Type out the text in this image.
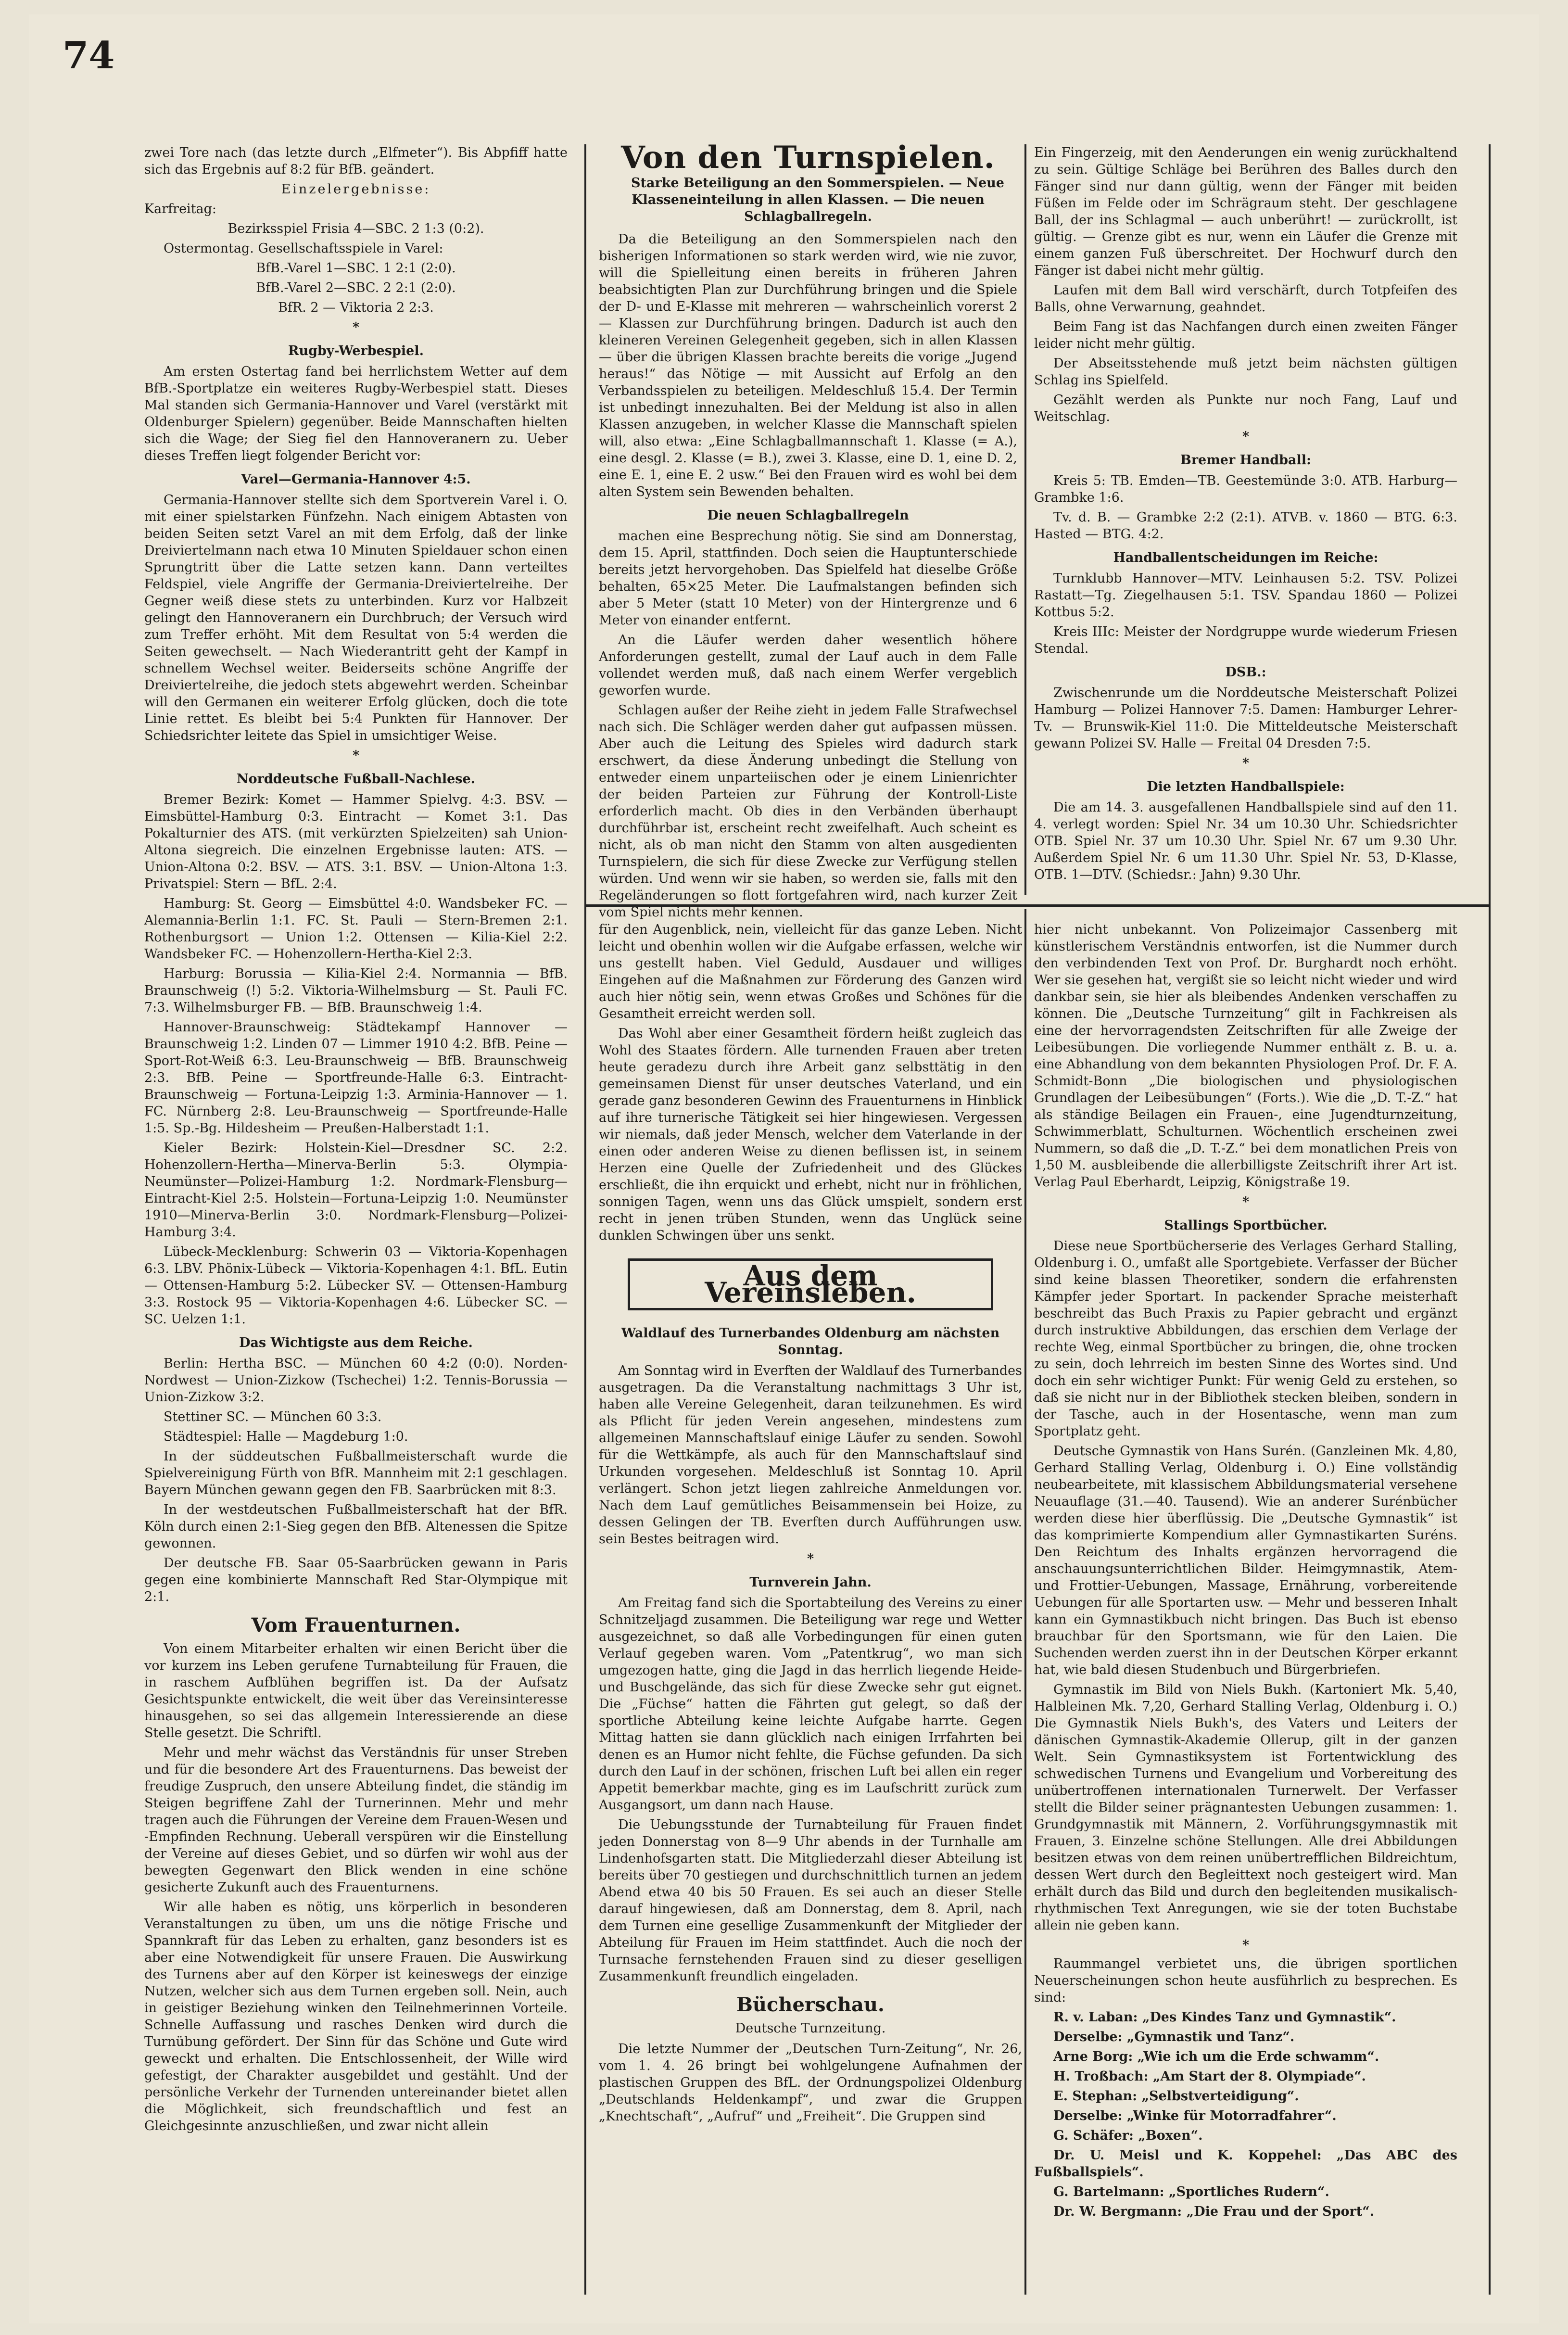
74

zwei Tore nach (das letzte durch „Elfmeter“). Bis Abpfiff hatte sich das Ergebnis auf 8:2 für BfB. geändert.

Einzelergebnisse:

Karfreitag:

Bezirksspiel Frisia 4—SBC. 2 1:3 (0:2).

Ostermontag. Gesellschaftsspiele in Varel:

BfB.-Varel 1—SBC. 1 2:1 (2:0).

BfB.-Varel 2—SBC. 2 2:1 (2:0).

BfR. 2 — Viktoria 2 2:3.

*
Rugby-Werbespiel.

Am ersten Ostertag fand bei herrlichstem Wetter auf dem BfB.-Sportplatze ein weiteres Rugby-Werbespiel statt. Dieses Mal standen sich Germania-Hannover und Varel (verstärkt mit Oldenburger Spielern) gegenüber. Beide Mannschaften hielten sich die Wage; der Sieg fiel den Hannoveranern zu. Ueber dieses Treffen liegt folgender Bericht vor:

Varel—Germania-Hannover 4:5.

Germania-Hannover stellte sich dem Sportverein Varel i. O. mit einer spielstarken Fünfzehn. Nach einigem Abtasten von beiden Seiten setzt Varel an mit dem Erfolg, daß der linke Dreiviertelmann nach etwa 10 Minuten Spieldauer schon einen Sprungtritt über die Latte setzen kann. Dann verteiltes Feldspiel, viele Angriffe der Germania-Dreiviertelreihe. Der Gegner weiß diese stets zu unterbinden. Kurz vor Halbzeit gelingt den Hannoveranern ein Durchbruch; der Versuch wird zum Treffer erhöht. Mit dem Resultat von 5:4 werden die Seiten gewechselt. — Nach Wiederantritt geht der Kampf in schnellem Wechsel weiter. Beiderseits schöne Angriffe der Dreiviertelreihe, die jedoch stets abgewehrt werden. Scheinbar will den Germanen ein weiterer Erfolg glücken, doch die tote Linie rettet. Es bleibt bei 5:4 Punkten für Hannover. Der Schiedsrichter leitete das Spiel in umsichtiger Weise.

*
Norddeutsche Fußball-Nachlese.

Bremer Bezirk: Komet — Hammer Spielvg. 4:3. BSV. — Eimsbüttel-Hamburg 0:3. Eintracht — Komet 3:1. Das Pokalturnier des ATS. (mit verkürzten Spielzeiten) sah Union-Altona siegreich. Die einzelnen Ergebnisse lauten: ATS. — Union-Altona 0:2. BSV. — ATS. 3:1. BSV. — Union-Altona 1:3. Privatspiel: Stern — BfL. 2:4.

Hamburg: St. Georg — Eimsbüttel 4:0. Wandsbeker FC. — Alemannia-Berlin 1:1. FC. St. Pauli — Stern-Bremen 2:1. Rothenburgsort — Union 1:2. Ottensen — Kilia-Kiel 2:2. Wandsbeker FC. — Hohenzollern-Hertha-Kiel 2:3.

Harburg: Borussia — Kilia-Kiel 2:4. Normannia — BfB. Braunschweig (!) 5:2. Viktoria-Wilhelmsburg — St. Pauli FC. 7:3. Wilhelmsburger FB. — BfB. Braunschweig 1:4.

Hannover-Braunschweig: Städtekampf Hannover — Braunschweig 1:2. Linden 07 — Limmer 1910 4:2. BfB. Peine — Sport-Rot-Weiß 6:3. Leu-Braunschweig — BfB. Braunschweig 2:3. BfB. Peine — Sportfreunde-Halle 6:3. Eintracht-Braunschweig — Fortuna-Leipzig 1:3. Arminia-Hannover — 1. FC. Nürnberg 2:8. Leu-Braunschweig — Sportfreunde-Halle 1:5. Sp.-Bg. Hildesheim — Preußen-Halberstadt 1:1.

Kieler Bezirk: Holstein-Kiel—Dresdner SC. 2:2. Hohenzollern-Hertha—Minerva-Berlin 5:3. Olympia-Neumünster—Polizei-Hamburg 1:2. Nordmark-Flensburg—Eintracht-Kiel 2:5. Holstein—Fortuna-Leipzig 1:0. Neumünster 1910—Minerva-Berlin 3:0. Nordmark-Flensburg—Polizei-Hamburg 3:4.

Lübeck-Mecklenburg: Schwerin 03 — Viktoria-Kopenhagen 6:3. LBV. Phönix-Lübeck — Viktoria-Kopenhagen 4:1. BfL. Eutin — Ottensen-Hamburg 5:2. Lübecker SV. — Ottensen-Hamburg 3:3. Rostock 95 — Viktoria-Kopenhagen 4:6. Lübecker SC. — SC. Uelzen 1:1.

Das Wichtigste aus dem Reiche.

Berlin: Hertha BSC. — München 60 4:2 (0:0). Norden-Nordwest — Union-Zizkow (Tschechei) 1:2. Tennis-Borussia — Union-Zizkow 3:2.

Stettiner SC. — München 60 3:3.

Städtespiel: Halle — Magdeburg 1:0.

In der süddeutschen Fußballmeisterschaft wurde die Spielvereinigung Fürth von BfR. Mannheim mit 2:1 geschlagen. Bayern München gewann gegen den FB. Saarbrücken mit 8:3.

In der westdeutschen Fußballmeisterschaft hat der BfR. Köln durch einen 2:1-Sieg gegen den BfB. Altenessen die Spitze gewonnen.

Der deutsche FB. Saar 05-Saarbrücken gewann in Paris gegen eine kombinierte Mannschaft Red Star-Olympique mit 2:1.

Vom Frauenturnen.

Von einem Mitarbeiter erhalten wir einen Bericht über die vor kurzem ins Leben gerufene Turnabteilung für Frauen, die in raschem Aufblühen begriffen ist. Da der Aufsatz Gesichtspunkte entwickelt, die weit über das Vereinsinteresse hinausgehen, so sei das allgemein Interessierende an diese Stelle gesetzt. Die Schriftl.

Mehr und mehr wächst das Verständnis für unser Streben und für die besondere Art des Frauenturnens. Das beweist der freudige Zuspruch, den unsere Abteilung findet, die ständig im Steigen begriffene Zahl der Turnerinnen. Mehr und mehr tragen auch die Führungen der Vereine dem Frauen-Wesen und -Empfinden Rechnung. Ueberall verspüren wir die Einstellung der Vereine auf dieses Gebiet, und so dürfen wir wohl aus der bewegten Gegenwart den Blick wenden in eine schöne gesicherte Zukunft auch des Frauenturnens.

Wir alle haben es nötig, uns körperlich in besonderen Veranstaltungen zu üben, um uns die nötige Frische und Spannkraft für das Leben zu erhalten, ganz besonders ist es aber eine Notwendigkeit für unsere Frauen. Die Auswirkung des Turnens aber auf den Körper ist keineswegs der einzige Nutzen, welcher sich aus dem Turnen ergeben soll. Nein, auch in geistiger Beziehung winken den Teilnehmerinnen Vorteile. Schnelle Auffassung und rasches Denken wird durch die Turnübung gefördert. Der Sinn für das Schöne und Gute wird geweckt und erhalten. Die Entschlossenheit, der Wille wird gefestigt, der Charakter ausgebildet und gestählt. Und der persönliche Verkehr der Turnenden untereinander bietet allen die Möglichkeit, sich freundschaftlich und fest an Gleichgesinnte anzuschließen, und zwar nicht allein

Von den Turnspielen.

Starke Beteiligung an den Sommerspielen. — Neue Klasseneinteilung in allen Klassen. — Die neuen Schlagballregeln.

Da die Beteiligung an den Sommerspielen nach den bisherigen Informationen so stark werden wird, wie nie zuvor, will die Spielleitung einen bereits in früheren Jahren beabsichtigten Plan zur Durchführung bringen und die Spiele der D- und E-Klasse mit mehreren — wahrscheinlich vorerst 2 — Klassen zur Durchführung bringen. Dadurch ist auch den kleineren Vereinen Gelegenheit gegeben, sich in allen Klassen — über die übrigen Klassen brachte bereits die vorige „Jugend heraus!“ das Nötige — mit Aussicht auf Erfolg an den Verbandsspielen zu beteiligen. Meldeschluß 15.4. Der Termin ist unbedingt innezuhalten. Bei der Meldung ist also in allen Klassen anzugeben, in welcher Klasse die Mannschaft spielen will, also etwa: „Eine Schlagballmannschaft 1. Klasse (= A.), eine desgl. 2. Klasse (= B.), zwei 3. Klasse, eine D. 1, eine D. 2, eine E. 1, eine E. 2 usw.“ Bei den Frauen wird es wohl bei dem alten System sein Bewenden behalten.

Die neuen Schlagballregeln

machen eine Besprechung nötig. Sie sind am Donnerstag, dem 15. April, stattfinden. Doch seien die Hauptunterschiede bereits jetzt hervorgehoben. Das Spielfeld hat dieselbe Größe behalten, 65×25 Meter. Die Laufmalstangen befinden sich aber 5 Meter (statt 10 Meter) von der Hintergrenze und 6 Meter von einander entfernt.

An die Läufer werden daher wesentlich höhere Anforderungen gestellt, zumal der Lauf auch in dem Falle vollendet werden muß, daß nach einem Werfer vergeblich geworfen wurde.

Schlagen außer der Reihe zieht in jedem Falle Strafwechsel nach sich. Die Schläger werden daher gut aufpassen müssen. Aber auch die Leitung des Spieles wird dadurch stark erschwert, da diese Änderung unbedingt die Stellung von entweder einem unparteiischen oder je einem Linienrichter der beiden Parteien zur Führung der Kontroll-Liste erforderlich macht. Ob dies in den Verbänden überhaupt durchführbar ist, erscheint recht zweifelhaft. Auch scheint es nicht, als ob man nicht den Stamm von alten ausgedienten Turnspielern, die sich für diese Zwecke zur Verfügung stellen würden. Und wenn wir sie haben, so werden sie, falls mit den Regeländerungen so flott fortgefahren wird, nach kurzer Zeit vom Spiel nichts mehr kennen.

Ein Fingerzeig, mit den Aenderungen ein wenig zurückhaltend zu sein. Gültige Schläge bei Berühren des Balles durch den Fänger sind nur dann gültig, wenn der Fänger mit beiden Füßen im Felde oder im Schrägraum steht. Der geschlagene Ball, der ins Schlagmal — auch unberührt! — zurückrollt, ist gültig. — Grenze gibt es nur, wenn ein Läufer die Grenze mit einem ganzen Fuß überschreitet. Der Hochwurf durch den Fänger ist dabei nicht mehr gültig.

Laufen mit dem Ball wird verschärft, durch Totpfeifen des Balls, ohne Verwarnung, geahndet.

Beim Fang ist das Nachfangen durch einen zweiten Fänger leider nicht mehr gültig.

Der Abseitsstehende muß jetzt beim nächsten gültigen Schlag ins Spielfeld.

Gezählt werden als Punkte nur noch Fang, Lauf und Weitschlag.

*
Bremer Handball:

Kreis 5: TB. Emden—TB. Geestemünde 3:0. ATB. Harburg—Grambke 1:6.

Tv. d. B. — Grambke 2:2 (2:1). ATVB. v. 1860 — BTG. 6:3. Hasted — BTG. 4:2.

Handballentscheidungen im Reiche:

Turnklubb Hannover—MTV. Leinhausen 5:2. TSV. Polizei Rastatt—Tg. Ziegelhausen 5:1. TSV. Spandau 1860 — Polizei Kottbus 5:2.

Kreis IIIc: Meister der Nordgruppe wurde wiederum Friesen Stendal.

DSB.:

Zwischenrunde um die Norddeutsche Meisterschaft Polizei Hamburg — Polizei Hannover 7:5. Damen: Hamburger Lehrer-Tv. — Brunswik-Kiel 11:0. Die Mitteldeutsche Meisterschaft gewann Polizei SV. Halle — Freital 04 Dresden 7:5.

*
Die letzten Handballspiele:

Die am 14. 3. ausgefallenen Handballspiele sind auf den 11. 4. verlegt worden: Spiel Nr. 34 um 10.30 Uhr. Schiedsrichter OTB. Spiel Nr. 37 um 10.30 Uhr. Spiel Nr. 67 um 9.30 Uhr. Außerdem Spiel Nr. 6 um 11.30 Uhr. Spiel Nr. 53, D-Klasse, OTB. 1—DTV. (Schiedsr.: Jahn) 9.30 Uhr.

für den Augenblick, nein, vielleicht für das ganze Leben. Nicht leicht und obenhin wollen wir die Aufgabe erfassen, welche wir uns gestellt haben. Viel Geduld, Ausdauer und williges Eingehen auf die Maßnahmen zur Förderung des Ganzen wird auch hier nötig sein, wenn etwas Großes und Schönes für die Gesamtheit erreicht werden soll.

Das Wohl aber einer Gesamtheit fördern heißt zugleich das Wohl des Staates fördern. Alle turnenden Frauen aber treten heute geradezu durch ihre Arbeit ganz selbsttätig in den gemeinsamen Dienst für unser deutsches Vaterland, und ein gerade ganz besonderen Gewinn des Frauenturnens in Hinblick auf ihre turnerische Tätigkeit sei hier hingewiesen. Vergessen wir niemals, daß jeder Mensch, welcher dem Vaterlande in der einen oder anderen Weise zu dienen beflissen ist, in seinem Herzen eine Quelle der Zufriedenheit und des Glückes erschließt, die ihn erquickt und erhebt, nicht nur in fröhlichen, sonnigen Tagen, wenn uns das Glück umspielt, sondern erst recht in jenen trüben Stunden, wenn das Unglück seine dunklen Schwingen über uns senkt.

Aus dem Vereinsleben.
Waldlauf des Turnerbandes Oldenburg am nächsten Sonntag.

Am Sonntag wird in Everften der Waldlauf des Turnerbandes ausgetragen. Da die Veranstaltung nachmittags 3 Uhr ist, haben alle Vereine Gelegenheit, daran teilzunehmen. Es wird als Pflicht für jeden Verein angesehen, mindestens zum allgemeinen Mannschaftslauf einige Läufer zu senden. Sowohl für die Wettkämpfe, als auch für den Mannschaftslauf sind Urkunden vorgesehen. Meldeschluß ist Sonntag 10. April verlängert. Schon jetzt liegen zahlreiche Anmeldungen vor. Nach dem Lauf gemütliches Beisammensein bei Hoize, zu dessen Gelingen der TB. Everften durch Aufführungen usw. sein Bestes beitragen wird.

*
Turnverein Jahn.

Am Freitag fand sich die Sportabteilung des Vereins zu einer Schnitzeljagd zusammen. Die Beteiligung war rege und Wetter ausgezeichnet, so daß alle Vorbedingungen für einen guten Verlauf gegeben waren. Vom „Patentkrug“, wo man sich umgezogen hatte, ging die Jagd in das herrlich liegende Heide- und Buschgelände, das sich für diese Zwecke sehr gut eignet. Die „Füchse“ hatten die Fährten gut gelegt, so daß der sportliche Abteilung keine leichte Aufgabe harrte. Gegen Mittag hatten sie dann glücklich nach einigen Irrfahrten bei denen es an Humor nicht fehlte, die Füchse gefunden. Da sich durch den Lauf in der schönen, frischen Luft bei allen ein reger Appetit bemerkbar machte, ging es im Laufschritt zurück zum Ausgangsort, um dann nach Hause.

Die Uebungsstunde der Turnabteilung für Frauen findet jeden Donnerstag von 8—9 Uhr abends in der Turnhalle am Lindenhofsgarten statt. Die Mitgliederzahl dieser Abteilung ist bereits über 70 gestiegen und durchschnittlich turnen an jedem Abend etwa 40 bis 50 Frauen. Es sei auch an dieser Stelle darauf hingewiesen, daß am Donnerstag, dem 8. April, nach dem Turnen eine gesellige Zusammenkunft der Mitglieder der Abteilung für Frauen im Heim stattfindet. Auch die noch der Turnsache fernstehenden Frauen sind zu dieser geselligen Zusammenkunft freundlich eingeladen.

Bücherschau.
Deutsche Turnzeitung.

Die letzte Nummer der „Deutschen Turn-Zeitung“, Nr. 26, vom 1. 4. 26 bringt bei wohlgelungene Aufnahmen der plastischen Gruppen des BfL. der Ordnungspolizei Oldenburg „Deutschlands Heldenkampf“, und zwar die Gruppen „Knechtschaft“, „Aufruf“ und „Freiheit“. Die Gruppen sind

hier nicht unbekannt. Von Polizeimajor Cassenberg mit künstlerischem Verständnis entworfen, ist die Nummer durch den verbindenden Text von Prof. Dr. Burghardt noch erhöht. Wer sie gesehen hat, vergißt sie so leicht nicht wieder und wird dankbar sein, sie hier als bleibendes Andenken verschaffen zu können. Die „Deutsche Turnzeitung“ gilt in Fachkreisen als eine der hervorragendsten Zeitschriften für alle Zweige der Leibesübungen. Die vorliegende Nummer enthält z. B. u. a. eine Abhandlung von dem bekannten Physiologen Prof. Dr. F. A. Schmidt-Bonn „Die biologischen und physiologischen Grundlagen der Leibesübungen“ (Forts.). Wie die „D. T.-Z.“ hat als ständige Beilagen ein Frauen-, eine Jugendturnzeitung, Schwimmerblatt, Schulturnen. Wöchentlich erscheinen zwei Nummern, so daß die „D. T.-Z.“ bei dem monatlichen Preis von 1,50 M. ausbleibende die allerbilligste Zeitschrift ihrer Art ist. Verlag Paul Eberhardt, Leipzig, Königstraße 19.

*
Stallings Sportbücher.

Diese neue Sportbücherserie des Verlages Gerhard Stalling, Oldenburg i. O., umfaßt alle Sportgebiete. Verfasser der Bücher sind keine blassen Theoretiker, sondern die erfahrensten Kämpfer jeder Sportart. In packender Sprache meisterhaft beschreibt das Buch Praxis zu Papier gebracht und ergänzt durch instruktive Abbildungen, das erschien dem Verlage der rechte Weg, einmal Sportbücher zu bringen, die, ohne trocken zu sein, doch lehrreich im besten Sinne des Wortes sind. Und doch ein sehr wichtiger Punkt: Für wenig Geld zu erstehen, so daß sie nicht nur in der Bibliothek stecken bleiben, sondern in der Tasche, auch in der Hosentasche, wenn man zum Sportplatz geht.

Deutsche Gymnastik von Hans Surén. (Ganzleinen Mk. 4,80, Gerhard Stalling Verlag, Oldenburg i. O.) Eine vollständig neubearbeitete, mit klassischem Abbildungsmaterial versehene Neuauflage (31.—40. Tausend). Wie an anderer Surénbücher werden diese hier überflüssig. Die „Deutsche Gymnastik“ ist das komprimierte Kompendium aller Gymnastikarten Suréns. Den Reichtum des Inhalts ergänzen hervorragend die anschauungsunterrichtlichen Bilder. Heimgymnastik, Atem- und Frottier-Uebungen, Massage, Ernährung, vorbereitende Uebungen für alle Sportarten usw. — Mehr und besseren Inhalt kann ein Gymnastikbuch nicht bringen. Das Buch ist ebenso brauchbar für den Sportsmann, wie für den Laien. Die Suchenden werden zuerst ihn in der Deutschen Körper erkannt hat, wie bald diesen Studenbuch und Bürgerbriefen.

Gymnastik im Bild von Niels Bukh. (Kartoniert Mk. 5,40, Halbleinen Mk. 7,20, Gerhard Stalling Verlag, Oldenburg i. O.) Die Gymnastik Niels Bukh's, des Vaters und Leiters der dänischen Gymnastik-Akademie Ollerup, gilt in der ganzen Welt. Sein Gymnastiksystem ist Fortentwicklung des schwedischen Turnens und Evangelium und Vorbereitung des unübertroffenen internationalen Turnerwelt. Der Verfasser stellt die Bilder seiner prägnantesten Uebungen zusammen: 1. Grundgymnastik mit Männern, 2. Vorführungsgymnastik mit Frauen, 3. Einzelne schöne Stellungen. Alle drei Abbildungen besitzen etwas von dem reinen unübertrefflichen Bildreichtum, dessen Wert durch den Begleittext noch gesteigert wird. Man erhält durch das Bild und durch den begleitenden musikalisch-rhythmischen Text Anregungen, wie sie der toten Buchstabe allein nie geben kann.

*

Raummangel verbietet uns, die übrigen sportlichen Neuerscheinungen schon heute ausführlich zu besprechen. Es sind:

R. v. Laban: „Des Kindes Tanz und Gymnastik“.

Derselbe: „Gymnastik und Tanz“.

Arne Borg: „Wie ich um die Erde schwamm“.

H. Troßbach: „Am Start der 8. Olympiade“.

E. Stephan: „Selbstverteidigung“.

Derselbe: „Winke für Motorradfahrer“.

G. Schäfer: „Boxen“.

Dr. U. Meisl und K. Koppehel: „Das ABC des Fußballspiels“.

G. Bartelmann: „Sportliches Rudern“.

Dr. W. Bergmann: „Die Frau und der Sport“.
